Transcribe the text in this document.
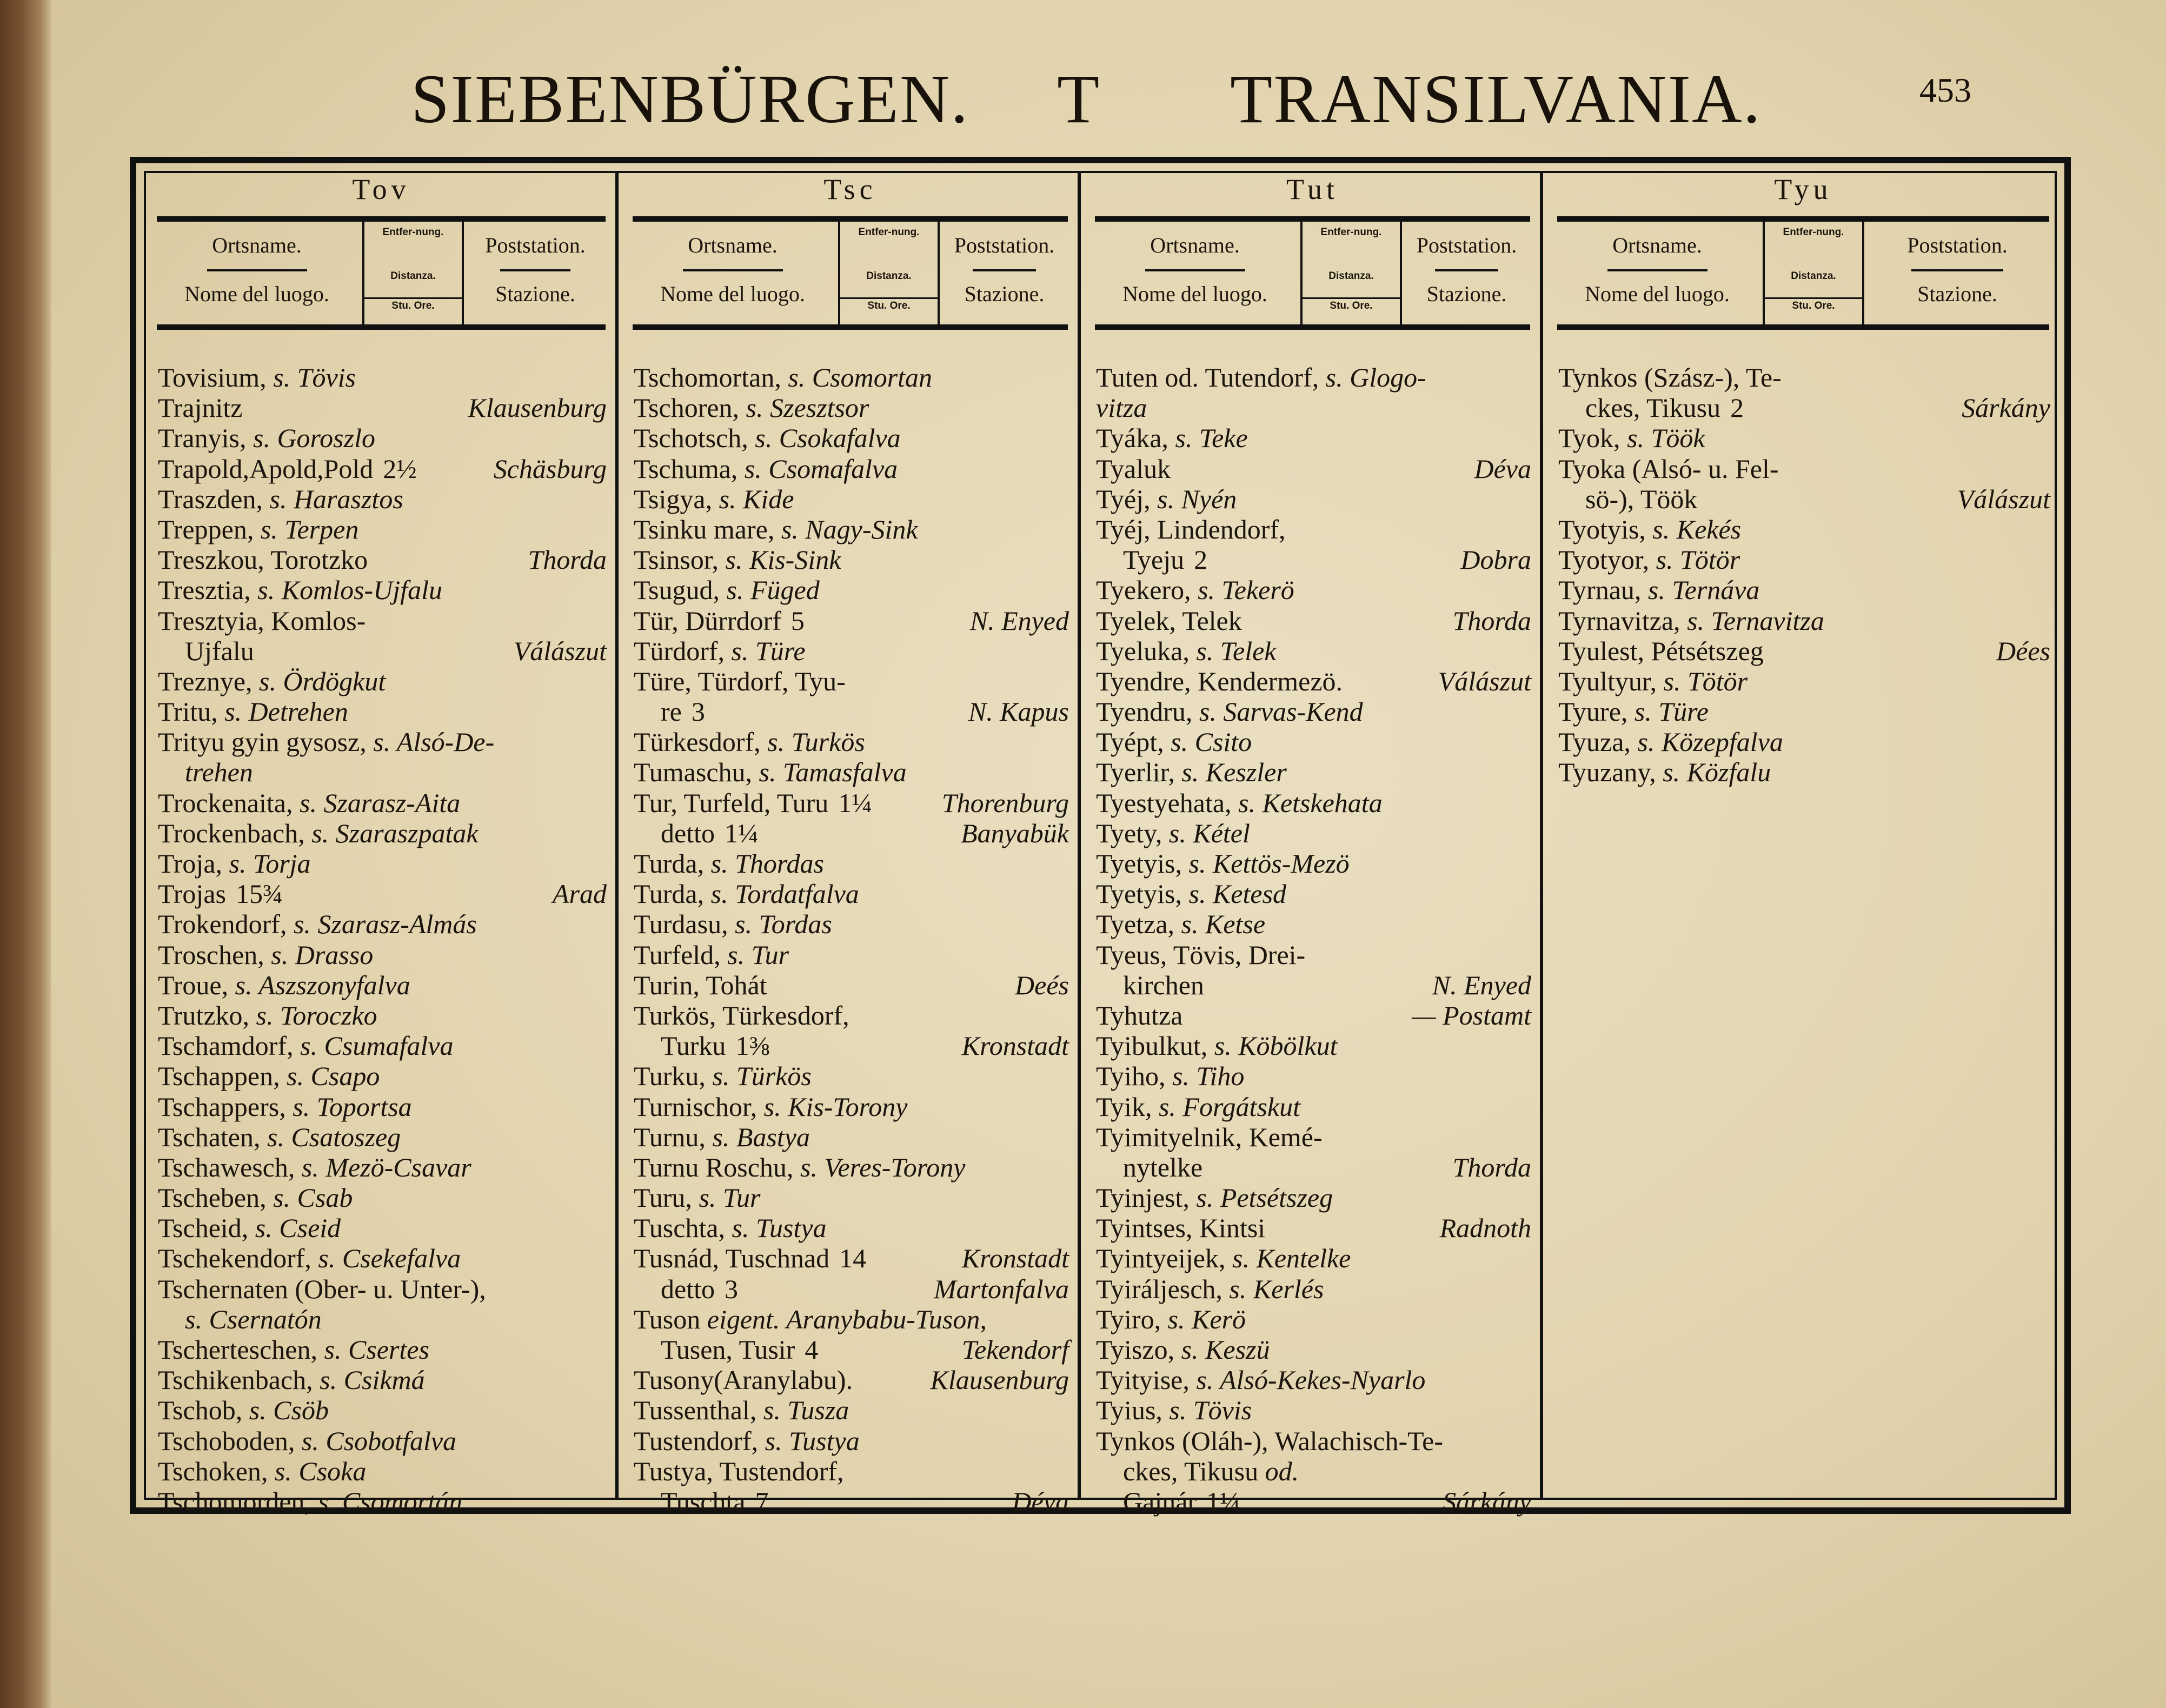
SIEBENBÜRGEN. T TRANSILVANIA.	453
Tov
Ortsname.
Nome del luogo.
Entfer-nung.
Distanza.
Stu. Ore.
Poststation.
Stazione.
Tovisium, s. Tövis
Trajnitz	Klausenburg
Tranyis, s. Goroszlo
Trapold,Apold,Pold 2½	Schäsburg
Traszden, s. Harasztos
Treppen, s. Terpen
Treszkou, Torotzko	Thorda
Tresztia, s. Komlos-Ujfalu
Tresztyia, Komlos-
Ujfalu	Válászut
Treznye, s. Ördögkut
Tritu, s. Detrehen
Trityu gyin gysosz, s. Alsó-De-
trehen
Trockenaita, s. Szarasz-Aita
Trockenbach, s. Szaraszpatak
Troja, s. Torja
Trojas 15¾	Arad
Trokendorf, s. Szarasz-Almás
Troschen, s. Drasso
Troue, s. Aszszonyfalva
Trutzko, s. Toroczko
Tschamdorf, s. Csumafalva
Tschappen, s. Csapo
Tschappers, s. Toportsa
Tschaten, s. Csatoszeg
Tschawesch, s. Mezö-Csavar
Tscheben, s. Csab
Tscheid, s. Cseid
Tschekendorf, s. Csekefalva
Tschernaten (Ober- u. Unter-),
s. Csernatón
Tscherteschen, s. Csertes
Tschikenbach, s. Csikmá
Tschob, s. Csöb
Tschoboden, s. Csobotfalva
Tschoken, s. Csoka
Tschomorden, s. Csomortán
Tsc
Ortsname.
Nome del luogo.
Entfer-nung.
Distanza.
Stu. Ore.
Poststation.
Stazione.
Tschomortan, s. Csomortan
Tschoren, s. Szesztsor
Tschotsch, s. Csokafalva
Tschuma, s. Csomafalva
Tsigya, s. Kide
Tsinku mare, s. Nagy-Sink
Tsinsor, s. Kis-Sink
Tsugud, s. Füged
Tür, Dürrdorf 5	N. Enyed
Türdorf, s. Türe
Türe, Türdorf, Tyu-
re 3	N. Kapus
Türkesdorf, s. Turkös
Tumaschu, s. Tamasfalva
Tur, Turfeld, Turu 1¼	Thorenburg
detto 1¼	Banyabük
Turda, s. Thordas
Turda, s. Tordatfalva
Turdasu, s. Tordas
Turfeld, s. Tur
Turin, Tohát	Deés
Turkös, Türkesdorf,
Turku 1⅜	Kronstadt
Turku, s. Türkös
Turnischor, s. Kis-Torony
Turnu, s. Bastya
Turnu Roschu, s. Veres-Torony
Turu, s. Tur
Tuschta, s. Tustya
Tusnád, Tuschnad 14	Kronstadt
detto 3	Martonfalva
Tuson eigent. Aranybabu-Tuson,
Tusen, Tusir 4	Tekendorf
Tusony(Aranylabu).	Klausenburg
Tussenthal, s. Tusza
Tustendorf, s. Tustya
Tustya, Tustendorf,
Tuschta 7	Déva
Tut
Ortsname.
Nome del luogo.
Entfer-nung.
Distanza.
Stu. Ore.
Poststation.
Stazione.
Tuten od. Tutendorf, s. Glogo-
vitza
Tyáka, s. Teke
Tyaluk	Déva
Tyéj, s. Nyén
Tyéj, Lindendorf,
Tyeju 2	Dobra
Tyekero, s. Tekerö
Tyelek, Telek	Thorda
Tyeluka, s. Telek
Tyendre, Kendermezö.	Válászut
Tyendru, s. Sarvas-Kend
Tyépt, s. Csito
Tyerlir, s. Keszler
Tyestyehata, s. Ketskehata
Tyety, s. Kétel
Tyetyis, s. Kettös-Mezö
Tyetyis, s. Ketesd
Tyetza, s. Ketse
Tyeus, Tövis, Drei-
kirchen	N. Enyed
Tyhutza	— Postamt
Tyibulkut, s. Köbölkut
Tyiho, s. Tiho
Tyik, s. Forgátskut
Tyimityelnik, Kemé-
nytelke	Thorda
Tyinjest, s. Petsétszeg
Tyintses, Kintsi	Radnoth
Tyintyeijek, s. Kentelke
Tyiráljesch, s. Kerlés
Tyiro, s. Kerö
Tyiszo, s. Keszü
Tyityise, s. Alsó-Kekes-Nyarlo
Tyius, s. Tövis
Tynkos (Oláh-), Walachisch-Te-
ckes, Tikusu od.
Gajnár 1¼	Sárkány
Tyu
Ortsname.
Nome del luogo.
Entfer-nung.
Distanza.
Stu. Ore.
Poststation.
Stazione.
Tynkos (Szász-), Te-
ckes, Tikusu 2	Sárkány
Tyok, s. Töök
Tyoka (Alsó- u. Fel-
sö-), Töök	Válászut
Tyotyis, s. Kekés
Tyotyor, s. Tötör
Tyrnau, s. Ternáva
Tyrnavitza, s. Ternavitza
Tyulest, Pétsétszeg	Dées
Tyultyur, s. Tötör
Tyure, s. Türe
Tyuza, s. Közepfalva
Tyuzany, s. Közfalu
